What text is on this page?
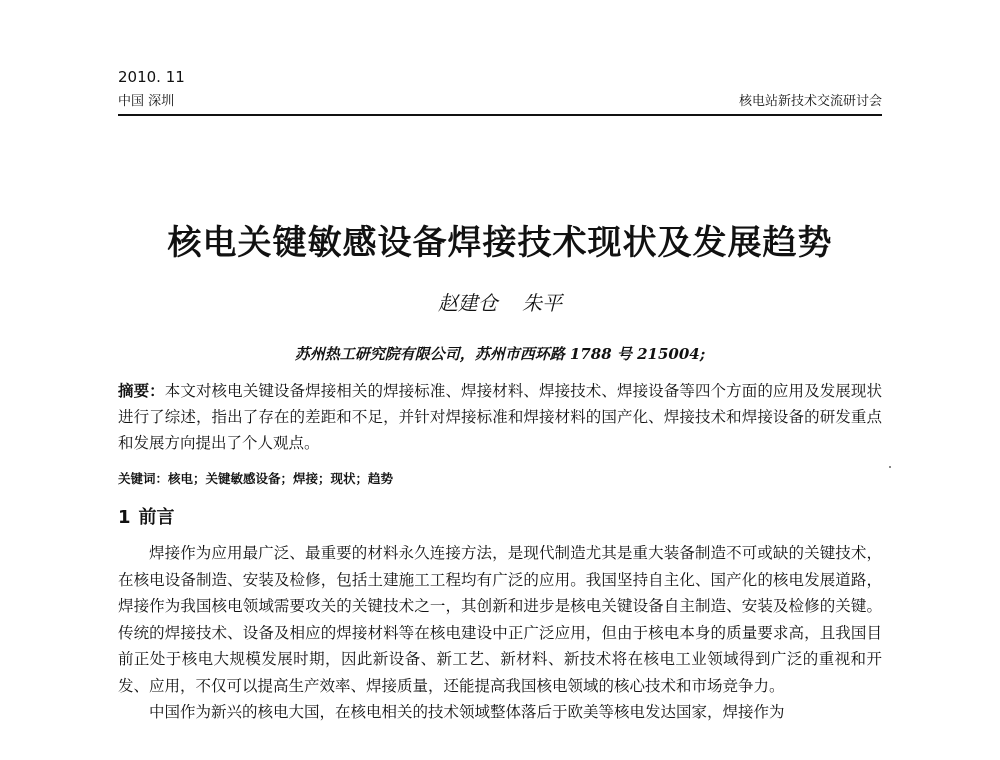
2010. 11
中国 深圳	核电站新技术交流研讨会
核电关键敏感设备焊接技术现状及发展趋势
赵建仓 朱平
苏州热工研究院有限公司，苏州市西环路 1788 号 215004;
摘要：本文对核电关键设备焊接相关的焊接标准、焊接材料、焊接技术、焊接设备等四个方面的应用及发展现状进行了综述，指出了存在的差距和不足，并针对焊接标准和焊接材料的国产化、焊接技术和焊接设备的研发重点和发展方向提出了个人观点。
关键词：核电；关键敏感设备；焊接；现状；趋势
1 前言

焊接作为应用最广泛、最重要的材料永久连接方法，是现代制造尤其是重大装备制造不可或缺的关键技术，在核电设备制造、安装及检修，包括土建施工工程均有广泛的应用。我国坚持自主化、国产化的核电发展道路，焊接作为我国核电领域需要攻关的关键技术之一，其创新和进步是核电关键设备自主制造、安装及检修的关键。传统的焊接技术、设备及相应的焊接材料等在核电建设中正广泛应用，但由于核电本身的质量要求高，且我国目前正处于核电大规模发展时期，因此新设备、新工艺、新材料、新技术将在核电工业领域得到广泛的重视和开发、应用，不仅可以提高生产效率、焊接质量，还能提高我国核电领域的核心技术和市场竞争力。

中国作为新兴的核电大国，在核电相关的技术领域整体落后于欧美等核电发达国家，焊接作为
